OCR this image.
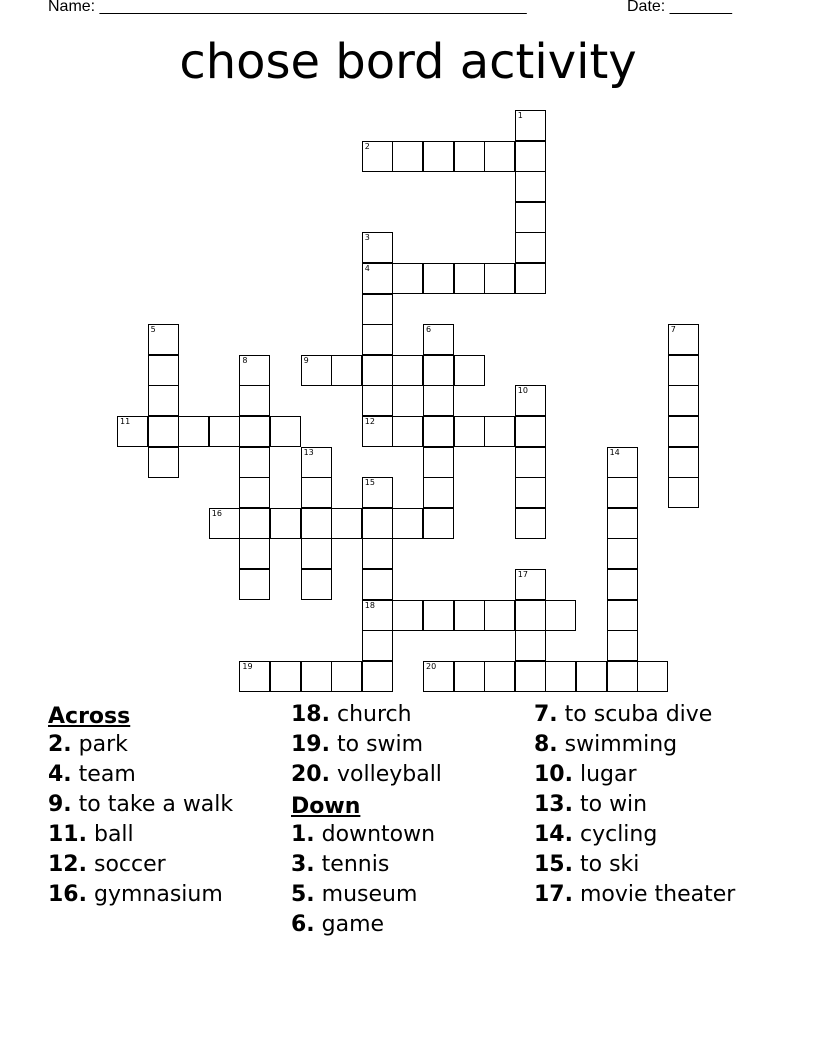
Name: ________________________________________________	Date: _______
chose bord activity
1
2
3
4
5	6	7
8	9
10
11	12
13	14
15
18
16
17
19	20
Across
2. park
4. team
9. to take a walk
11. ball
12. soccer
16. gymnasium
18. church
19. to swim
20. volleyball
Down
1. downtown
3. tennis
5. museum
6. game
7. to scuba dive
8. swimming
10. lugar
13. to win
14. cycling
15. to ski
17. movie theater
